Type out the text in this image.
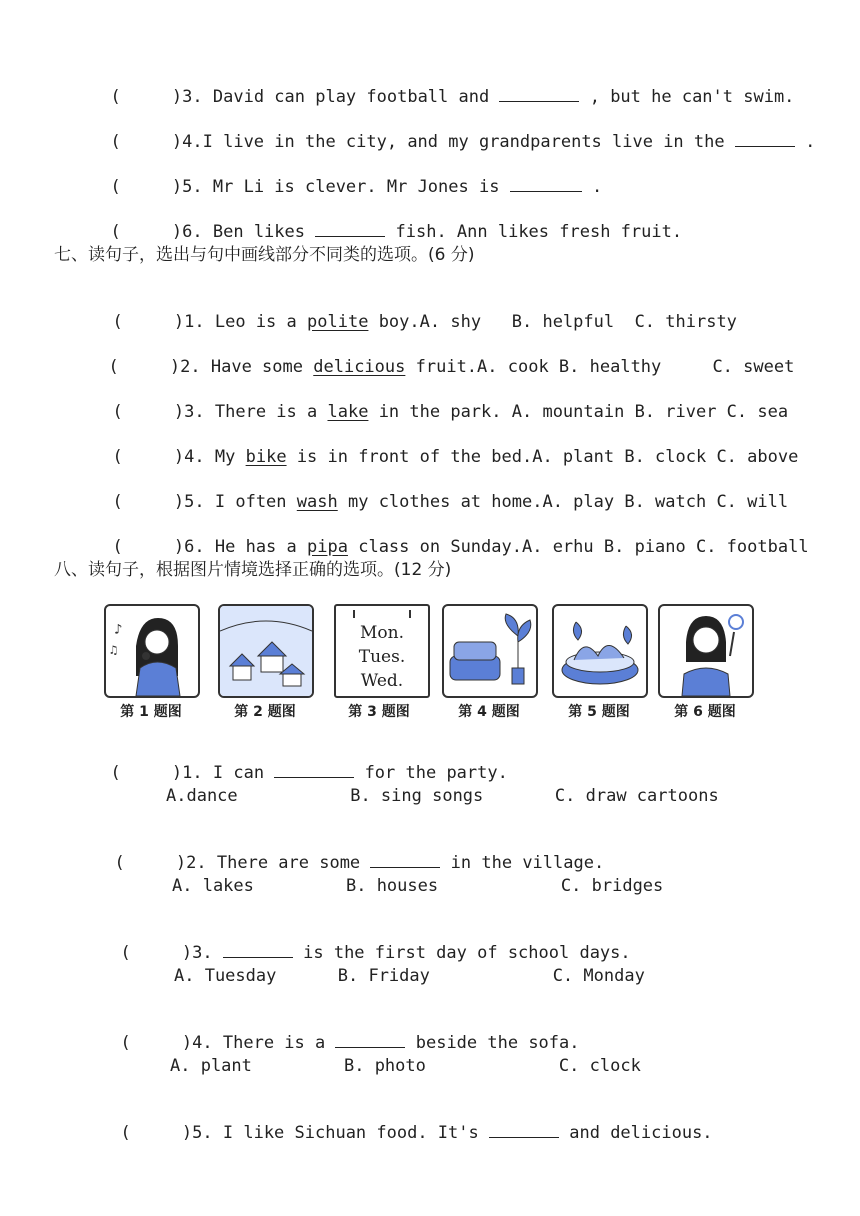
(     )3. David can play football and	, but he can't swim.

(     )4.I live in the city, and my grandparents live in the	.

(     )5. Mr Li is clever. Mr Jones is	.

(     )6. Ben likes	fish. Ann likes fresh fruit.

七、读句子，选出与句中画线部分不同类的选项。(6 分)

(     )1. Leo is a polite boy.A. shy   B. helpful  C. thirsty

(     )2. Have some delicious fruit.A. cook B. healthy     C. sweet

(     )3. There is a lake in the park. A. mountain B. river C. sea

(     )4. My bike is in front of the bed.A. plant B. clock C. above

(     )5. I often wash my clothes at home.A. play B. watch C. will

(     )6. He has a pipa class on Sunday.A. erhu B. piano C. football

八、读句子，根据图片情境选择正确的选项。(12 分)
♪
♫
Mon.
Tues.
Wed.
第 1 题图	第 2 题图	第 3 题图	第 4 题图	第 5 题图	第 6 题图

(     )1. I can	for the party.

A.dance           B. sing songs       C. draw cartoons

(     )2. There are some	in the village.

A. lakes         B. houses            C. bridges

(     )3.	is the first day of school days.

A. Tuesday      B. Friday            C. Monday

(     )4. There is a	beside the sofa.

A. plant         B. photo             C. clock

(     )5. I like Sichuan food. It's	and delicious.
